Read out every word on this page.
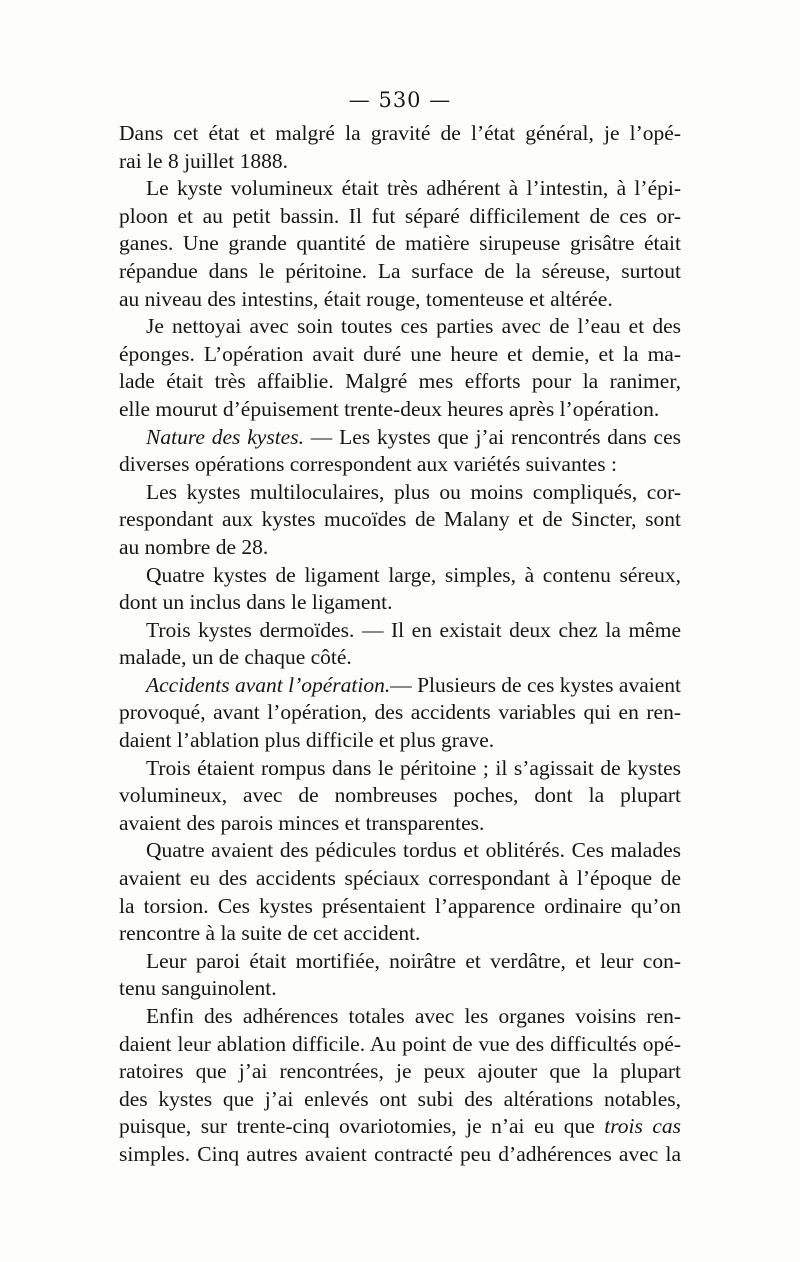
— 530 —
Dans cet état et malgré la gravité de l’état général, je l’opé-
rai le 8 juillet 1888.
Le kyste volumineux était très adhérent à l’intestin, à l’épi-
ploon et au petit bassin. Il fut séparé difficilement de ces or-
ganes. Une grande quantité de matière sirupeuse grisâtre était
répandue dans le péritoine. La surface de la séreuse, surtout
au niveau des intestins, était rouge, tomenteuse et altérée.
Je nettoyai avec soin toutes ces parties avec de l’eau et des
éponges. L’opération avait duré une heure et demie, et la ma-
lade était très affaiblie. Malgré mes efforts pour la ranimer,
elle mourut d’épuisement trente-deux heures après l’opération.
Nature des kystes. — Les kystes que j’ai rencontrés dans ces
diverses opérations correspondent aux variétés suivantes :
Les kystes multiloculaires, plus ou moins compliqués, cor-
respondant aux kystes mucoïdes de Malany et de Sincter, sont
au nombre de 28.
Quatre kystes de ligament large, simples, à contenu séreux,
dont un inclus dans le ligament.
Trois kystes dermoïdes. — Il en existait deux chez la même
malade, un de chaque côté.
Accidents avant l’opération.— Plusieurs de ces kystes avaient
provoqué, avant l’opération, des accidents variables qui en ren-
daient l’ablation plus difficile et plus grave.
Trois étaient rompus dans le péritoine ; il s’agissait de kystes
volumineux, avec de nombreuses poches, dont la plupart
avaient des parois minces et transparentes.
Quatre avaient des pédicules tordus et oblitérés. Ces malades
avaient eu des accidents spéciaux correspondant à l’époque de
la torsion. Ces kystes présentaient l’apparence ordinaire qu’on
rencontre à la suite de cet accident.
Leur paroi était mortifiée, noirâtre et verdâtre, et leur con-
tenu sanguinolent.
Enfin des adhérences totales avec les organes voisins ren-
daient leur ablation difficile. Au point de vue des difficultés opé-
ratoires que j’ai rencontrées, je peux ajouter que la plupart
des kystes que j’ai enlevés ont subi des altérations notables,
puisque, sur trente-cinq ovariotomies, je n’ai eu que trois cas
simples. Cinq autres avaient contracté peu d’adhérences avec la
